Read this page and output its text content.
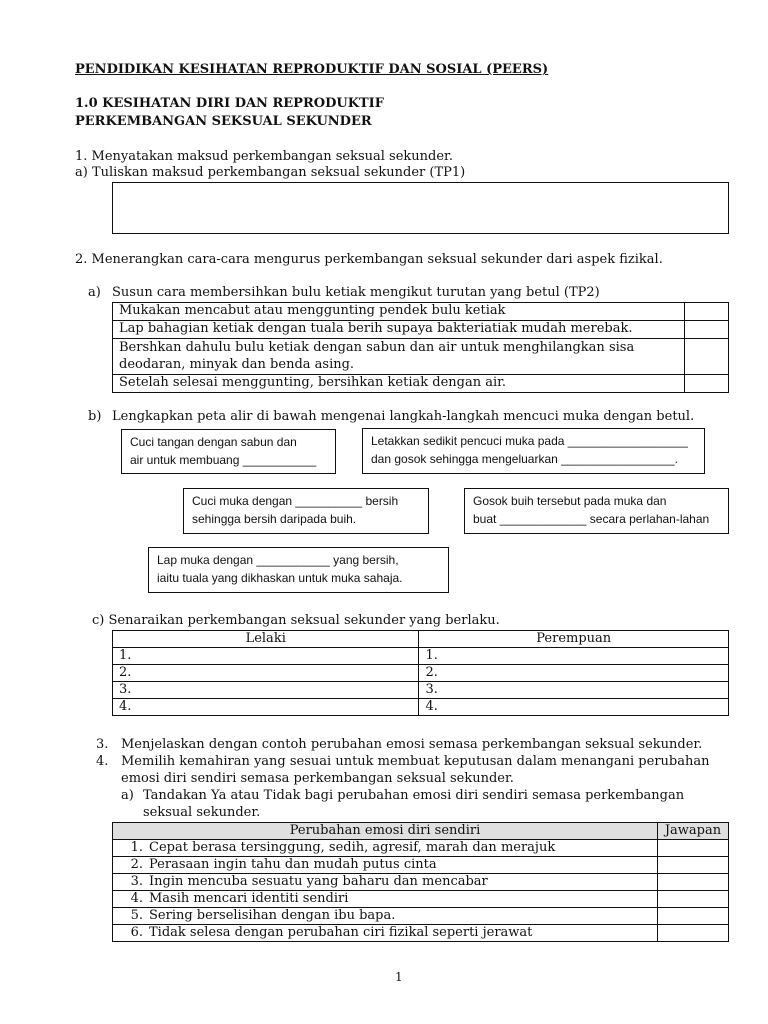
PENDIDIKAN KESIHATAN REPRODUKTIF DAN SOSIAL (PEERS)
1.0 KESIHATAN DIRI DAN REPRODUKTIF
PERKEMBANGAN SEKSUAL SEKUNDER
1. Menyatakan maksud perkembangan seksual sekunder.
a) Tuliskan maksud perkembangan seksual sekunder (TP1)
2. Menerangkan cara-cara mengurus perkembangan seksual sekunder dari aspek fizikal.
a) Susun cara membersihkan bulu ketiak mengikut turutan yang betul (TP2)
Mukakan mencabut atau menggunting pendek bulu ketiak	
Lap bahagian ketiak dengan tuala berih supaya bakteriatiak mudah merebak.	

Bershkan dahulu bulu ketiak dengan sabun dan air untuk menghilangkan sisa
deodaran, minyak dan benda asing.	

Setelah selesai menggunting, bersihkan ketiak dengan air.	
b) Lengkapkan peta alir di bawah mengenai langkah-langkah mencuci muka dengan betul.
Cuci tangan dengan sabun dan
air untuk membuang ___________
Letakkan sedikit pencuci muka pada __________________
dan gosok sehingga mengeluarkan _________________.
Cuci muka dengan __________ bersih
sehingga bersih daripada buih.
Gosok buih tersebut pada muka dan
buat _____________ secara perlahan-lahan
Lap muka dengan ___________ yang bersih,
iaitu tuala yang dikhaskan untuk muka sahaja.
c) Senaraikan perkembangan seksual sekunder yang berlaku.
Lelaki	Perempuan
1.	1.
2.	2.
3.	3.
4.	4.
3. Menjelaskan dengan contoh perubahan emosi semasa perkembangan seksual sekunder.
4. Memilih kemahiran yang sesuai untuk membuat keputusan dalam menangani perubahan
emosi diri sendiri semasa perkembangan seksual sekunder.
a) Tandakan Ya atau Tidak bagi perubahan emosi diri sendiri semasa perkembangan
seksual sekunder.
Perubahan emosi diri sendiri	Jawapan
1. Cepat berasa tersinggung, sedih, agresif, marah dan merajuk	
2. Perasaan ingin tahu dan mudah putus cinta	
3. Ingin mencuba sesuatu yang baharu dan mencabar	
4. Masih mencari identiti sendiri	
5. Sering berselisihan dengan ibu bapa.	
6. Tidak selesa dengan perubahan ciri fizikal seperti jerawat	
1
